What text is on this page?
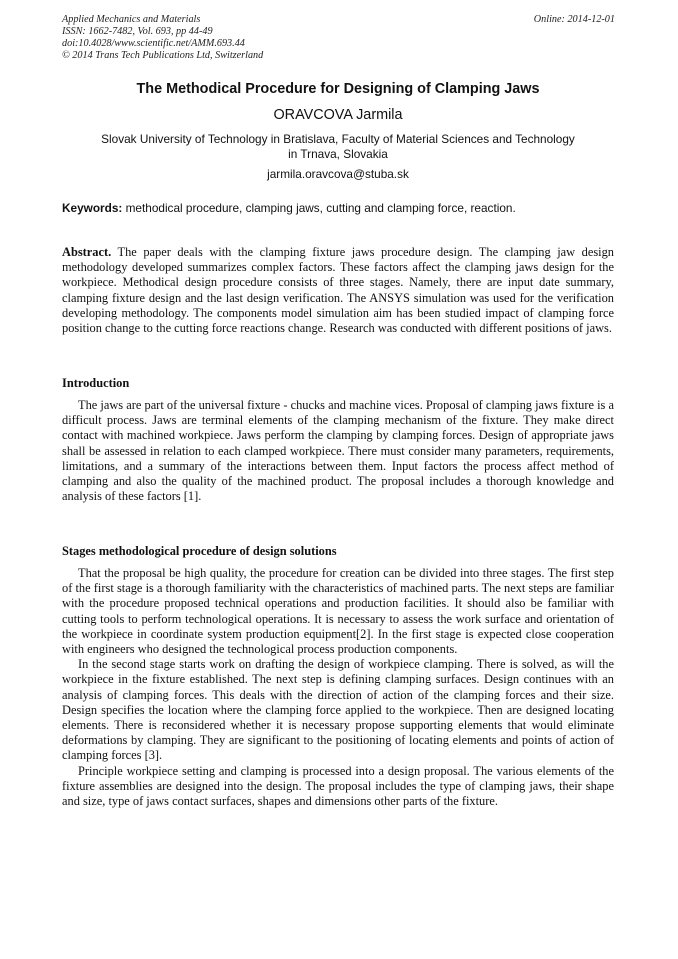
Applied Mechanics and Materials
ISSN: 1662-7482, Vol. 693, pp 44-49
doi:10.4028/www.scientific.net/AMM.693.44
© 2014 Trans Tech Publications Ltd, Switzerland
Online: 2014-12-01
The Methodical Procedure for Designing of Clamping Jaws
ORAVCOVA Jarmila
Slovak University of Technology in Bratislava, Faculty of Material Sciences and Technology
in Trnava, Slovakia
jarmila.oravcova@stuba.sk
Keywords: methodical procedure, clamping jaws, cutting and clamping force, reaction.
Abstract. The paper deals with the clamping fixture jaws procedure design. The clamping jaw design methodology developed summarizes complex factors. These factors affect the clamping jaws design for the workpiece. Methodical design procedure consists of three stages. Namely, there are input date summary, clamping fixture design and the last design verification. The ANSYS simulation was used for the verification developing methodology. The components model simulation aim has been studied impact of clamping force position change to the cutting force reactions change. Research was conducted with different positions of jaws.
Introduction

The jaws are part of the universal fixture - chucks and machine vices. Proposal of clamping jaws fixture is a difficult process. Jaws are terminal elements of the clamping mechanism of the fixture. They make direct contact with machined workpiece. Jaws perform the clamping by clamping forces. Design of appropriate jaws shall be assessed in relation to each clamped workpiece. There must consider many parameters, requirements, limitations, and a summary of the interactions between them. Input factors the process affect method of clamping and also the quality of the machined product. The proposal includes a thorough knowledge and analysis of these factors [1].

Stages methodological procedure of design solutions

That the proposal be high quality, the procedure for creation can be divided into three stages. The first step of the first stage is a thorough familiarity with the characteristics of machined parts. The next steps are familiar with the procedure proposed technical operations and production facilities. It should also be familiar with cutting tools to perform technological operations. It is necessary to assess the work surface and orientation of the workpiece in coordinate system production equipment[2]. In the first stage is expected close cooperation with engineers who designed the technological process production components.

In the second stage starts work on drafting the design of workpiece clamping. There is solved, as will the workpiece in the fixture established. The next step is defining clamping surfaces. Design continues with an analysis of clamping forces. This deals with the direction of action of the clamping forces and their size. Design specifies the location where the clamping force applied to the workpiece. Then are designed locating elements. There is reconsidered whether it is necessary propose supporting elements that would eliminate deformations by clamping. They are significant to the positioning of locating elements and points of action of clamping forces [3].

Principle workpiece setting and clamping is processed into a design proposal. The various elements of the fixture assemblies are designed into the design. The proposal includes the type of clamping jaws, their shape and size, type of jaws contact surfaces, shapes and dimensions other parts of the fixture.
